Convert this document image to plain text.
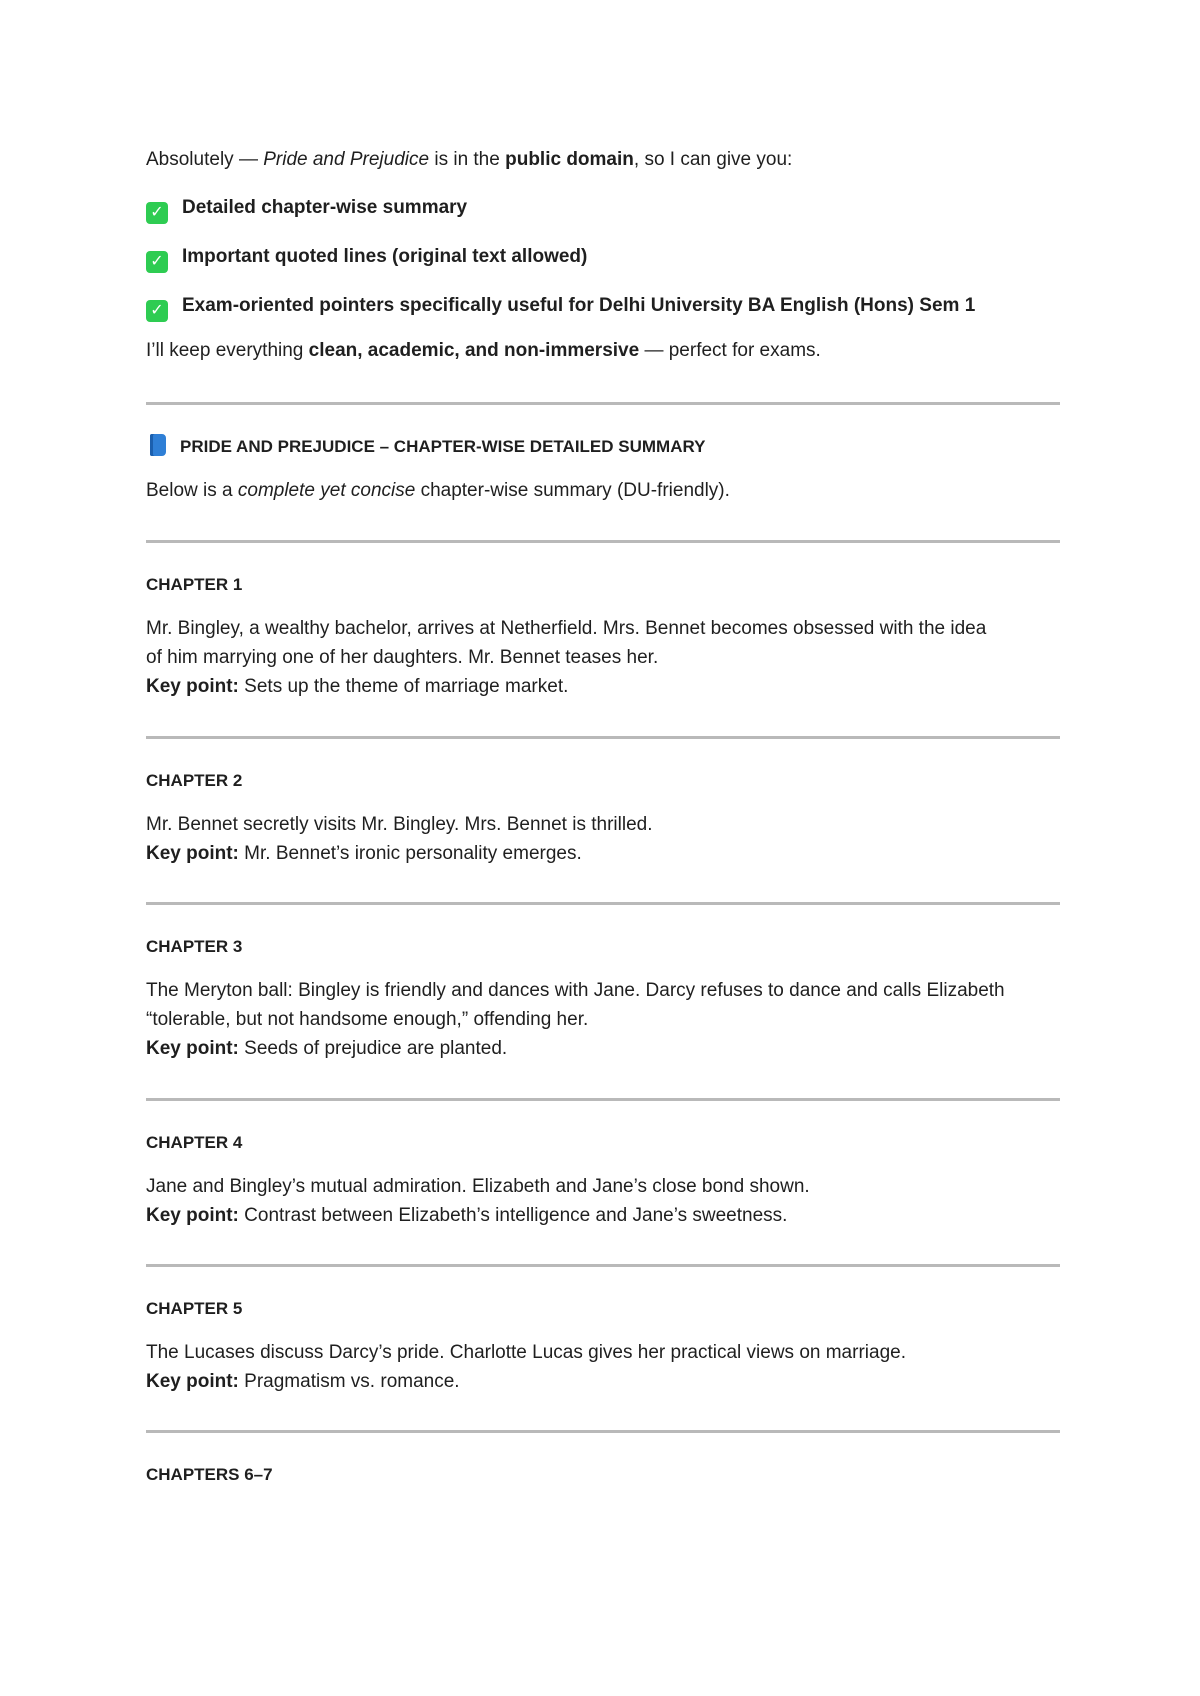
Absolutely — Pride and Prejudice is in the public domain, so I can give you:
✓ Detailed chapter-wise summary
✓ Important quoted lines (original text allowed)
✓ Exam-oriented pointers specifically useful for Delhi University BA English (Hons) Sem 1
I’ll keep everything clean, academic, and non-immersive — perfect for exams.
PRIDE AND PREJUDICE – CHAPTER-WISE DETAILED SUMMARY
Below is a complete yet concise chapter-wise summary (DU-friendly).
CHAPTER 1
Mr. Bingley, a wealthy bachelor, arrives at Netherfield. Mrs. Bennet becomes obsessed with the idea
of him marrying one of her daughters. Mr. Bennet teases her.
Key point: Sets up the theme of marriage market.
CHAPTER 2
Mr. Bennet secretly visits Mr. Bingley. Mrs. Bennet is thrilled.
Key point: Mr. Bennet’s ironic personality emerges.
CHAPTER 3
The Meryton ball: Bingley is friendly and dances with Jane. Darcy refuses to dance and calls Elizabeth
“tolerable, but not handsome enough,” offending her.
Key point: Seeds of prejudice are planted.
CHAPTER 4
Jane and Bingley’s mutual admiration. Elizabeth and Jane’s close bond shown.
Key point: Contrast between Elizabeth’s intelligence and Jane’s sweetness.
CHAPTER 5
The Lucases discuss Darcy’s pride. Charlotte Lucas gives her practical views on marriage.
Key point: Pragmatism vs. romance.
CHAPTERS 6–7
